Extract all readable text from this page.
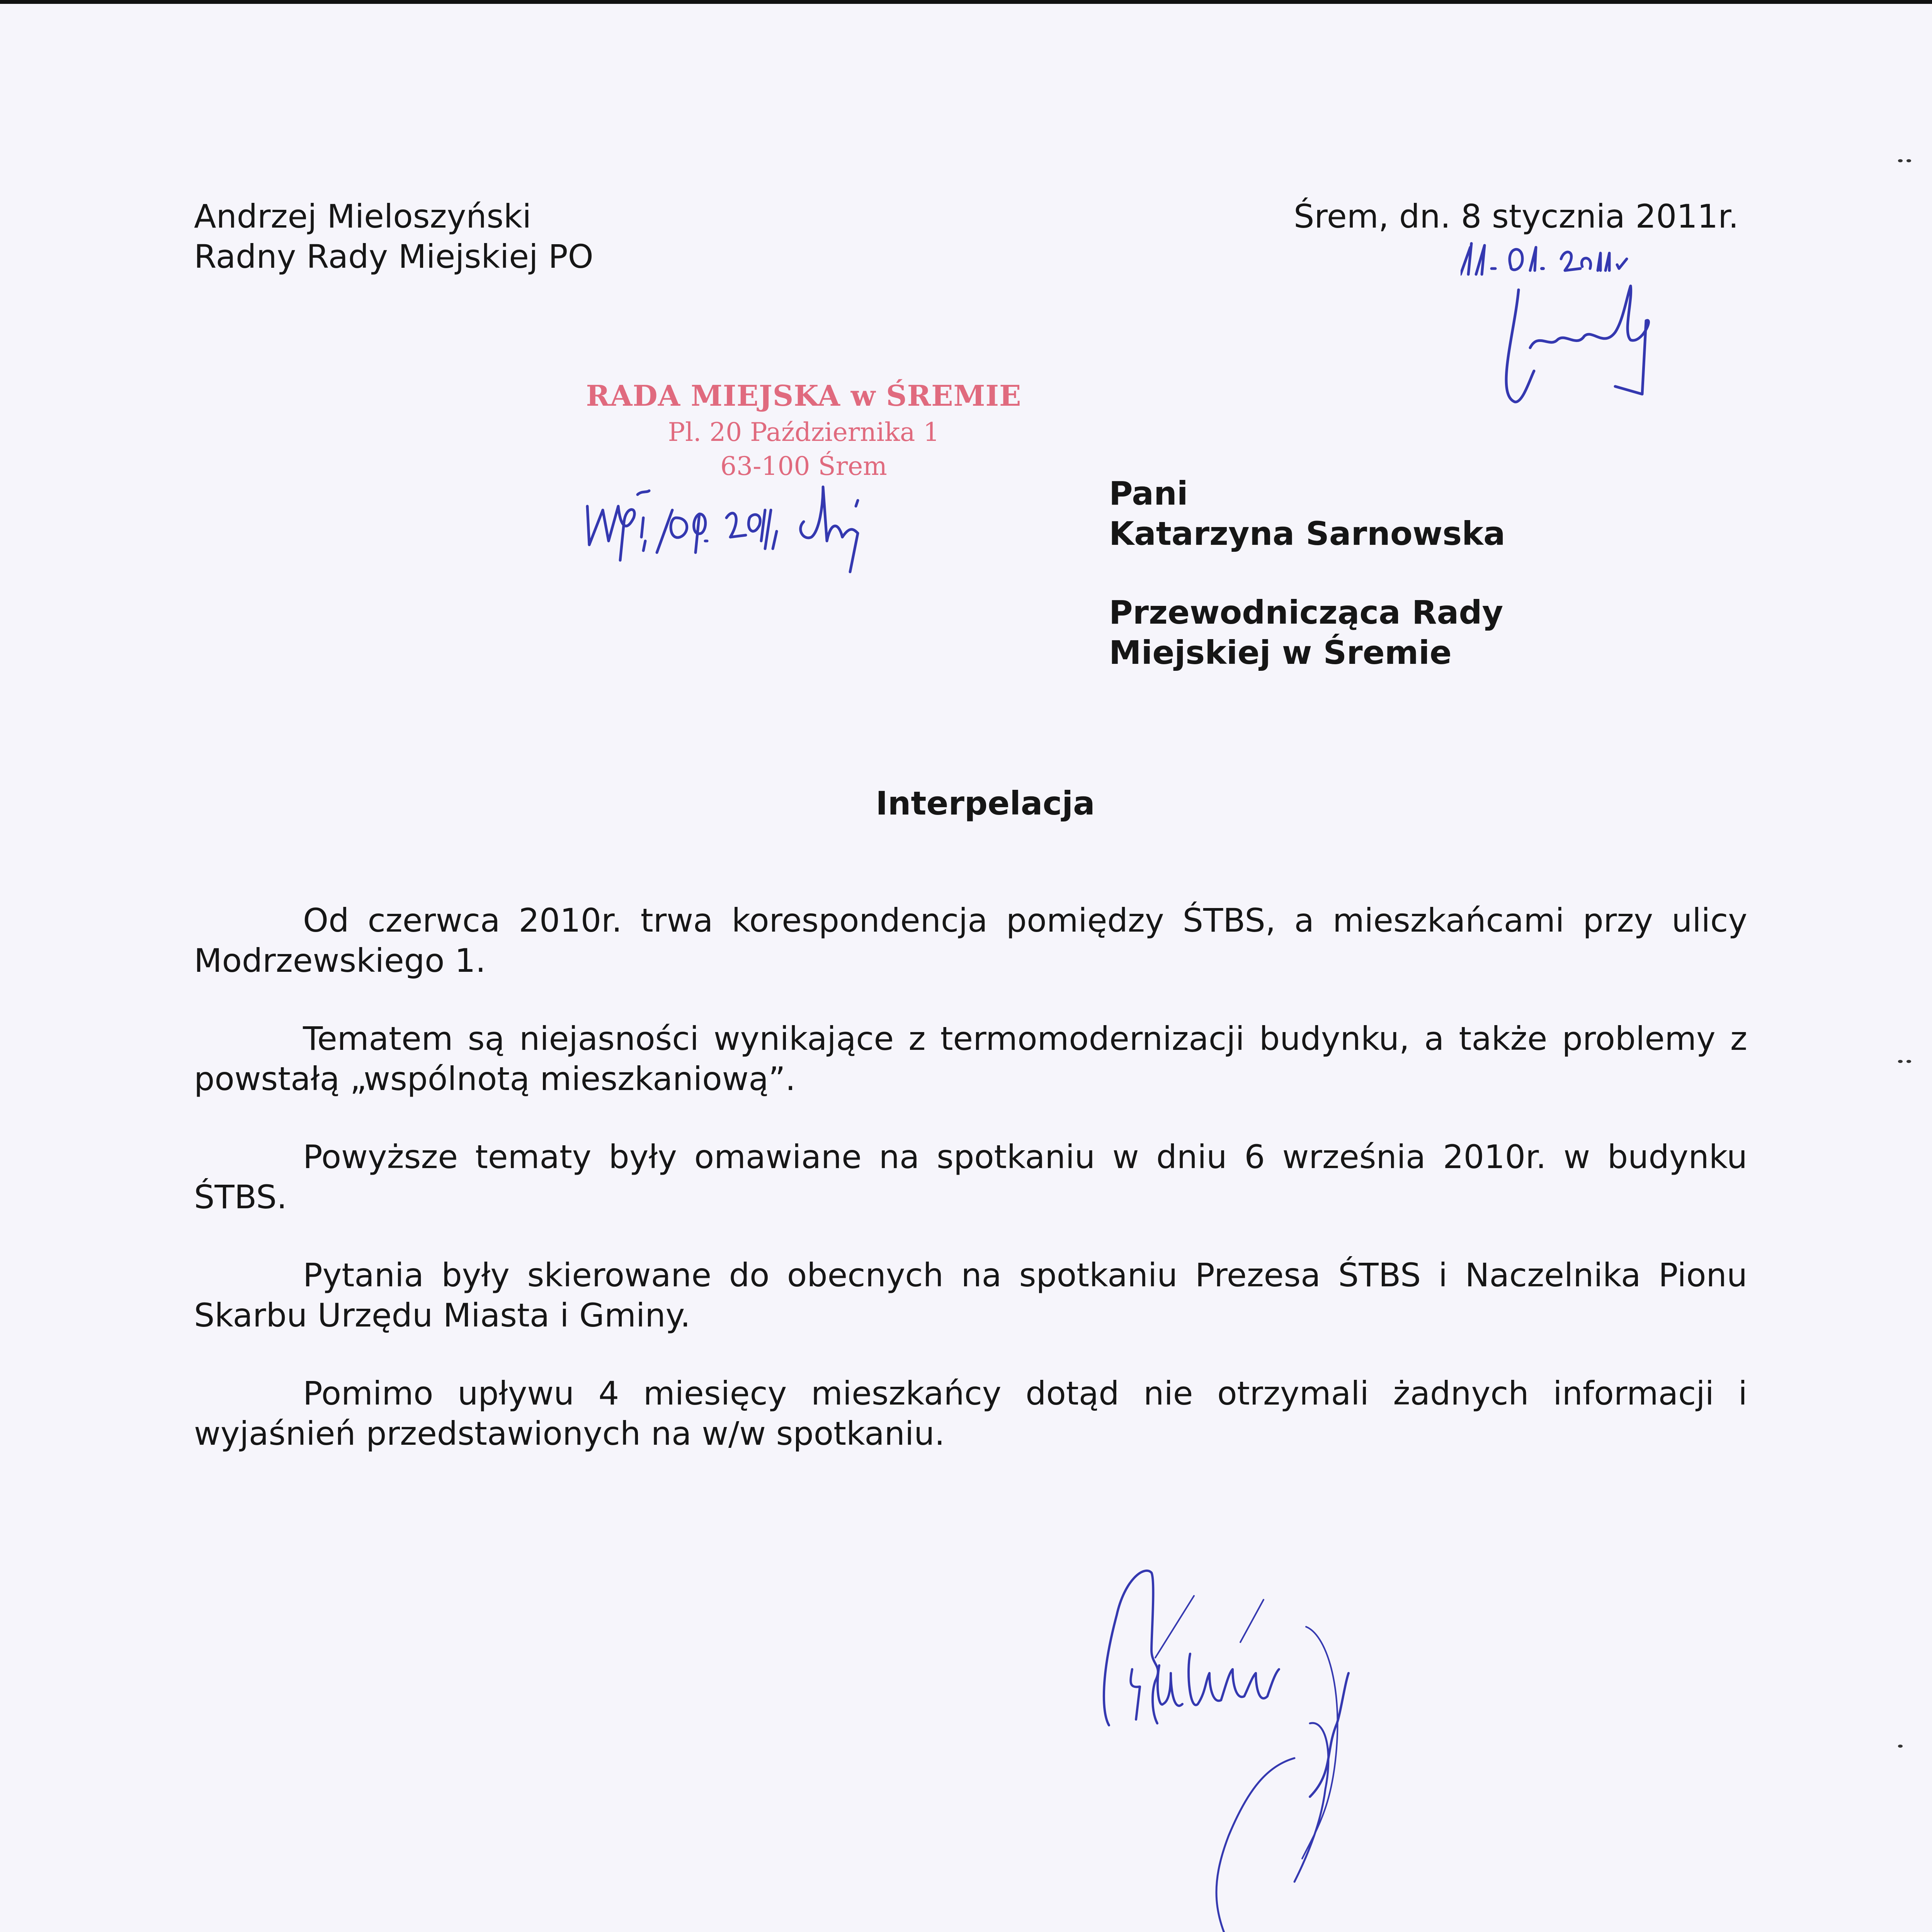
Andrzej Mieloszyński
Radny Rady Miejskiej PO
Śrem, dn. 8 stycznia 2011r.
RADA MIEJSKA w ŚREMIE
Pl. 20 Października 1
63-100 Śrem
Pani
Katarzyna Sarnowska
Przewodnicząca Rady
Miejskiej w Śremie
Interpelacja

Od czerwca 2010r. trwa korespondencja pomiędzy ŚTBS, a mieszkańcami przy ulicy Modrzewskiego 1.

Tematem są niejasności wynikające z termomodernizacji budynku, a także problemy z powstałą „wspólnotą mieszkaniową”.

Powyższe tematy były omawiane na spotkaniu w dniu 6 września 2010r. w budynku ŚTBS.

Pytania były skierowane do obecnych na spotkaniu Prezesa ŚTBS i Naczelnika Pionu Skarbu Urzędu Miasta i Gminy.

Pomimo upływu 4 miesięcy mieszkańcy dotąd nie otrzymali żadnych informacji i wyjaśnień przedstawionych na w/w spotkaniu.
